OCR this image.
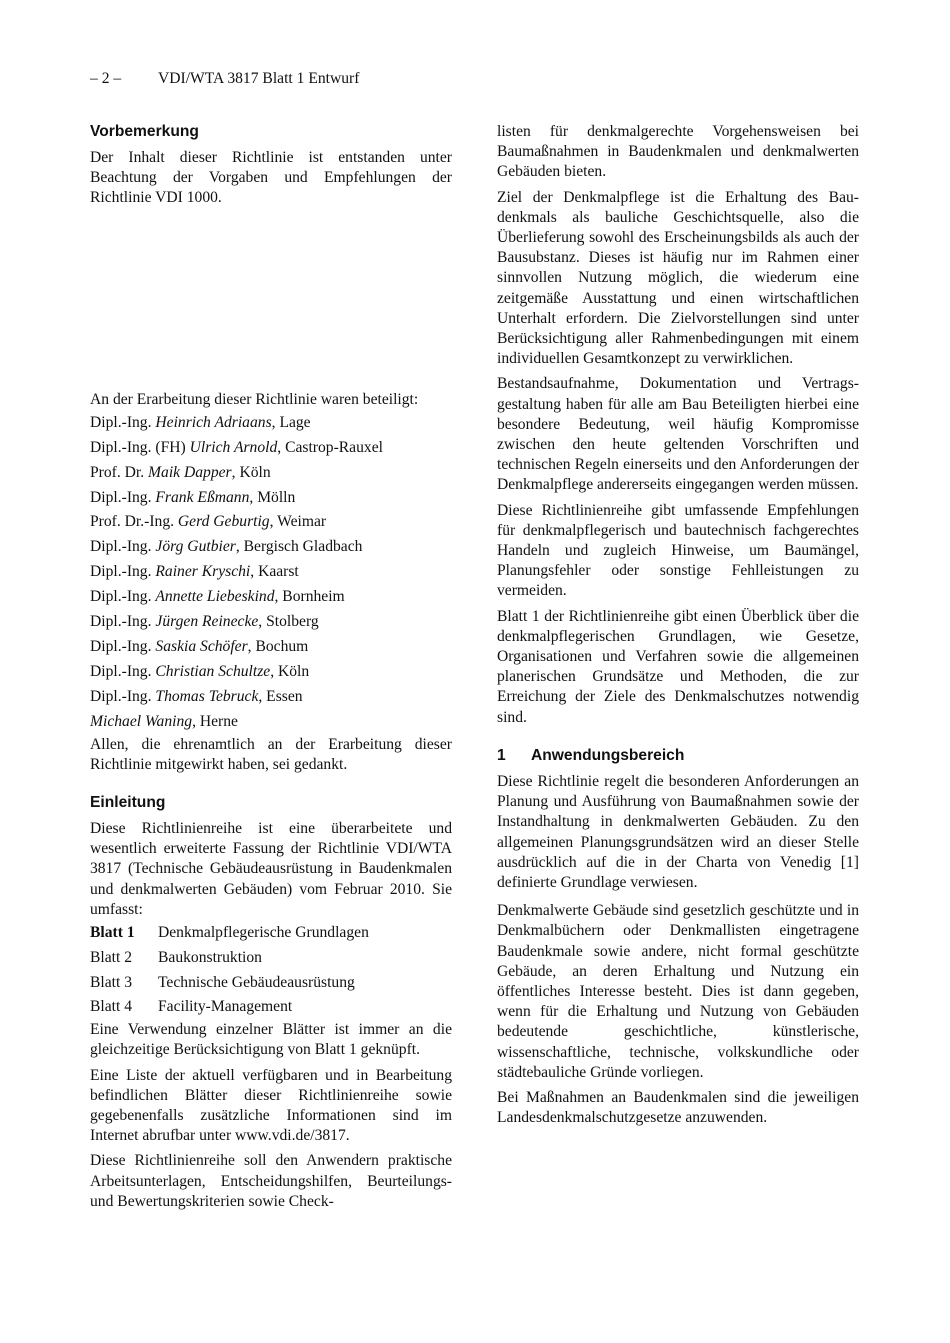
– 2 – VDI/WTA 3817 Blatt 1 Entwurf
Vorbemerkung

Der Inhalt dieser Richtlinie ist entstanden unter Beachtung der Vorgaben und Empfehlungen der Richtlinie VDI 1000.

An der Erarbeitung dieser Richtlinie waren beteiligt:

Dipl.-Ing. Heinrich Adriaans, Lage
Dipl.-Ing. (FH) Ulrich Arnold, Castrop-Rauxel
Prof. Dr. Maik Dapper, Köln
Dipl.-Ing. Frank Eßmann, Mölln
Prof. Dr.-Ing. Gerd Geburtig, Weimar
Dipl.-Ing. Jörg Gutbier, Bergisch Gladbach
Dipl.-Ing. Rainer Kryschi, Kaarst
Dipl.-Ing. Annette Liebeskind, Bornheim
Dipl.-Ing. Jürgen Reinecke, Stolberg
Dipl.-Ing. Saskia Schöfer, Bochum
Dipl.-Ing. Christian Schultze, Köln
Dipl.-Ing. Thomas Tebruck, Essen
Michael Waning, Herne

Allen, die ehrenamtlich an der Erarbeitung dieser Richtlinie mitgewirkt haben, sei gedankt.

Einleitung

Diese Richtlinienreihe ist eine überarbeitete und wesentlich erweiterte Fassung der Richtlinie VDI/WTA 3817 (Technische Gebäudeausrüstung in Baudenkmalen und denkmalwerten Gebäuden) vom Februar 2010. Sie umfasst:

Blatt 1 Denkmalpflegerische Grundlagen
Blatt 2 Baukonstruktion
Blatt 3 Technische Gebäudeausrüstung
Blatt 4 Facility-Management

Eine Verwendung einzelner Blätter ist immer an die gleichzeitige Berücksichtigung von Blatt 1 geknüpft.

Eine Liste der aktuell verfügbaren und in Bearbeitung befindlichen Blätter dieser Richtlinienreihe sowie gegebenenfalls zusätzliche Informationen sind im Internet abrufbar unter www.vdi.de/3817.

Diese Richtlinienreihe soll den Anwendern praktische Arbeitsunterlagen, Entscheidungshilfen, Beurteilungs- und Bewertungskriterien sowie Check-

listen für denkmalgerechte Vorgehensweisen bei Baumaßnahmen in Baudenkmalen und denkmalwerten Gebäuden bieten.

Ziel der Denkmalpflege ist die Erhaltung des Baudenkmals als bauliche Geschichtsquelle, also die Überlieferung sowohl des Erscheinungsbilds als auch der Bausubstanz. Dieses ist häufig nur im Rahmen einer sinnvollen Nutzung möglich, die wiederum eine zeitgemäße Ausstattung und einen wirtschaftlichen Unterhalt erfordern. Die Zielvorstellungen sind unter Berücksichtigung aller Rahmenbedingungen mit einem individuellen Gesamtkonzept zu verwirklichen.

Bestandsaufnahme, Dokumentation und Vertragsgestaltung haben für alle am Bau Beteiligten hierbei eine besondere Bedeutung, weil häufig Kompromisse zwischen den heute geltenden Vorschriften und technischen Regeln einerseits und den Anforderungen der Denkmalpflege andererseits eingegangen werden müssen.

Diese Richtlinienreihe gibt umfassende Empfehlungen für denkmalpflegerisch und bautechnisch fachgerechtes Handeln und zugleich Hinweise, um Baumängel, Planungsfehler oder sonstige Fehlleistungen zu vermeiden.

Blatt 1 der Richtlinienreihe gibt einen Überblick über die denkmalpflegerischen Grundlagen, wie Gesetze, Organisationen und Verfahren sowie die allgemeinen planerischen Grundsätze und Methoden, die zur Erreichung der Ziele des Denkmalschutzes notwendig sind.

1 Anwendungsbereich

Diese Richtlinie regelt die besonderen Anforderungen an Planung und Ausführung von Baumaßnahmen sowie der Instandhaltung in denkmalwerten Gebäuden. Zu den allgemeinen Planungsgrundsätzen wird an dieser Stelle ausdrücklich auf die in der Charta von Venedig [1] definierte Grundlage verwiesen.

Denkmalwerte Gebäude sind gesetzlich geschützte und in Denkmalbüchern oder Denkmallisten eingetragene Baudenkmale sowie andere, nicht formal geschützte Gebäude, an deren Erhaltung und Nutzung ein öffentliches Interesse besteht. Dies ist dann gegeben, wenn für die Erhaltung und Nutzung von Gebäuden bedeutende geschichtliche, künstlerische, wissenschaftliche, technische, volkskundliche oder städtebauliche Gründe vorliegen.

Bei Maßnahmen an Baudenkmalen sind die jeweiligen Landesdenkmalschutzgesetze anzuwenden.
